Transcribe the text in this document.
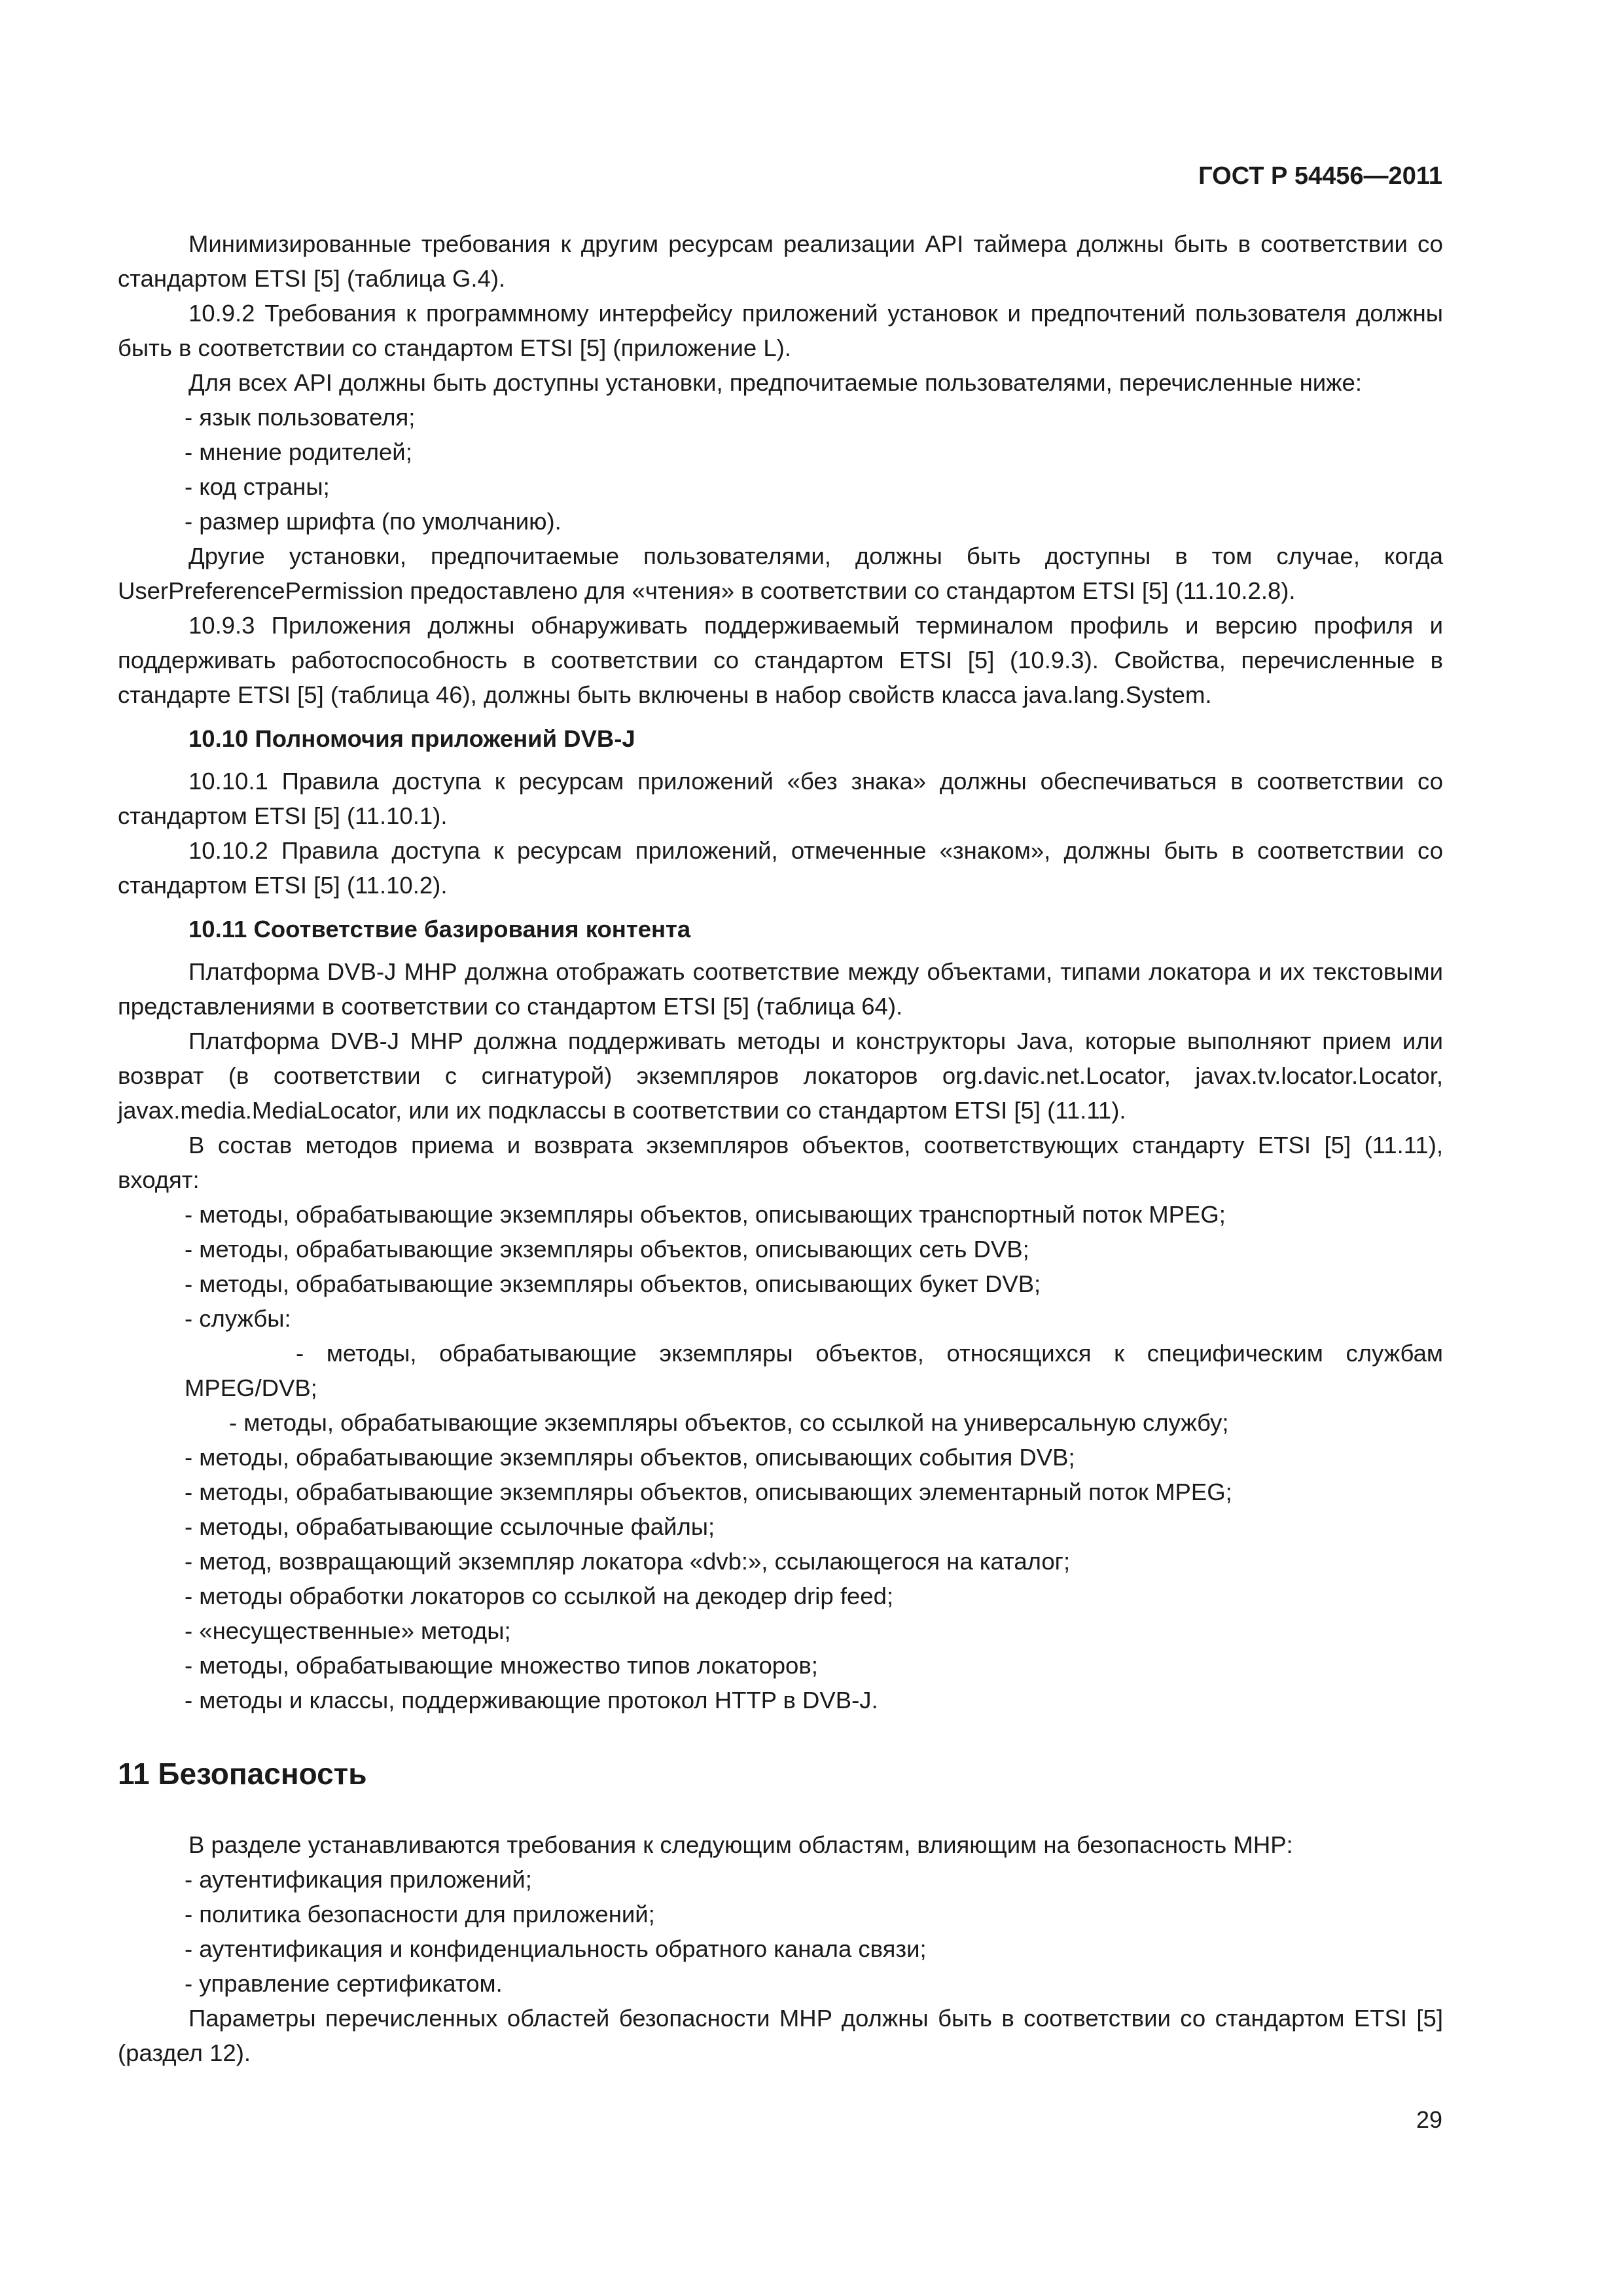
ГОСТ Р 54456—2011

Минимизированные требования к другим ресурсам реализации API таймера должны быть в соответствии со стандартом ETSI [5] (таблица G.4).

10.9.2 Требования к программному интерфейсу приложений установок и предпочтений пользователя должны быть в соответствии со стандартом ETSI [5] (приложение L).

Для всех API должны быть доступны установки, предпочитаемые пользователями, перечисленные ниже:

- язык пользователя;

- мнение родителей;

- код страны;

- размер шрифта (по умолчанию).

Другие установки, предпочитаемые пользователями, должны быть доступны в том случае, когда UserPreferencePermission предоставлено для «чтения» в соответствии со стандартом ETSI [5] (11.10.2.8).

10.9.3 Приложения должны обнаруживать поддерживаемый терминалом профиль и версию профиля и поддерживать работоспособность в соответствии со стандартом ETSI [5] (10.9.3). Свойства, перечисленные в стандарте ETSI [5] (таблица 46), должны быть включены в набор свойств класса java.lang.System.

10.10 Полномочия приложений DVB-J

10.10.1 Правила доступа к ресурсам приложений «без знака» должны обеспечиваться в соответствии со стандартом ETSI [5] (11.10.1).

10.10.2 Правила доступа к ресурсам приложений, отмеченные «знаком», должны быть в соответствии со стандартом ETSI [5] (11.10.2).

10.11 Соответствие базирования контента

Платформа DVB-J MHP должна отображать соответствие между объектами, типами локатора и их текстовыми представлениями в соответствии со стандартом ETSI [5] (таблица 64).

Платформа DVB-J MHP должна поддерживать методы и конструкторы Java, которые выполняют прием или возврат (в соответствии с сигнатурой) экземпляров локаторов org.davic.net.Locator, javax.tv.locator.Locator, javax.media.MediaLocator, или их подклассы в соответствии со стандартом ETSI [5] (11.11).

В состав методов приема и возврата экземпляров объектов, соответствующих стандарту ETSI [5] (11.11), входят:

- методы, обрабатывающие экземпляры объектов, описывающих транспортный поток MPEG;

- методы, обрабатывающие экземпляры объектов, описывающих сеть DVB;

- методы, обрабатывающие экземпляры объектов, описывающих букет DVB;

- службы:

- методы, обрабатывающие экземпляры объектов, относящихся к специфическим службам MPEG/DVB;

- методы, обрабатывающие экземпляры объектов, со ссылкой на универсальную службу;

- методы, обрабатывающие экземпляры объектов, описывающих события DVB;

- методы, обрабатывающие экземпляры объектов, описывающих элементарный поток MPEG;

- методы, обрабатывающие ссылочные файлы;

- метод, возвращающий экземпляр локатора «dvb:», ссылающегося на каталог;

- методы обработки локаторов со ссылкой на декодер drip feed;

- «несущественные» методы;

- методы, обрабатывающие множество типов локаторов;

- методы и классы, поддерживающие протокол HTTP в DVB-J.

11 Безопасность

В разделе устанавливаются требования к следующим областям, влияющим на безопасность MHP:

- аутентификация приложений;

- политика безопасности для приложений;

- аутентификация и конфиденциальность обратного канала связи;

- управление сертификатом.

Параметры перечисленных областей безопасности MHP должны быть в соответствии со стандартом ETSI [5] (раздел 12).

29
